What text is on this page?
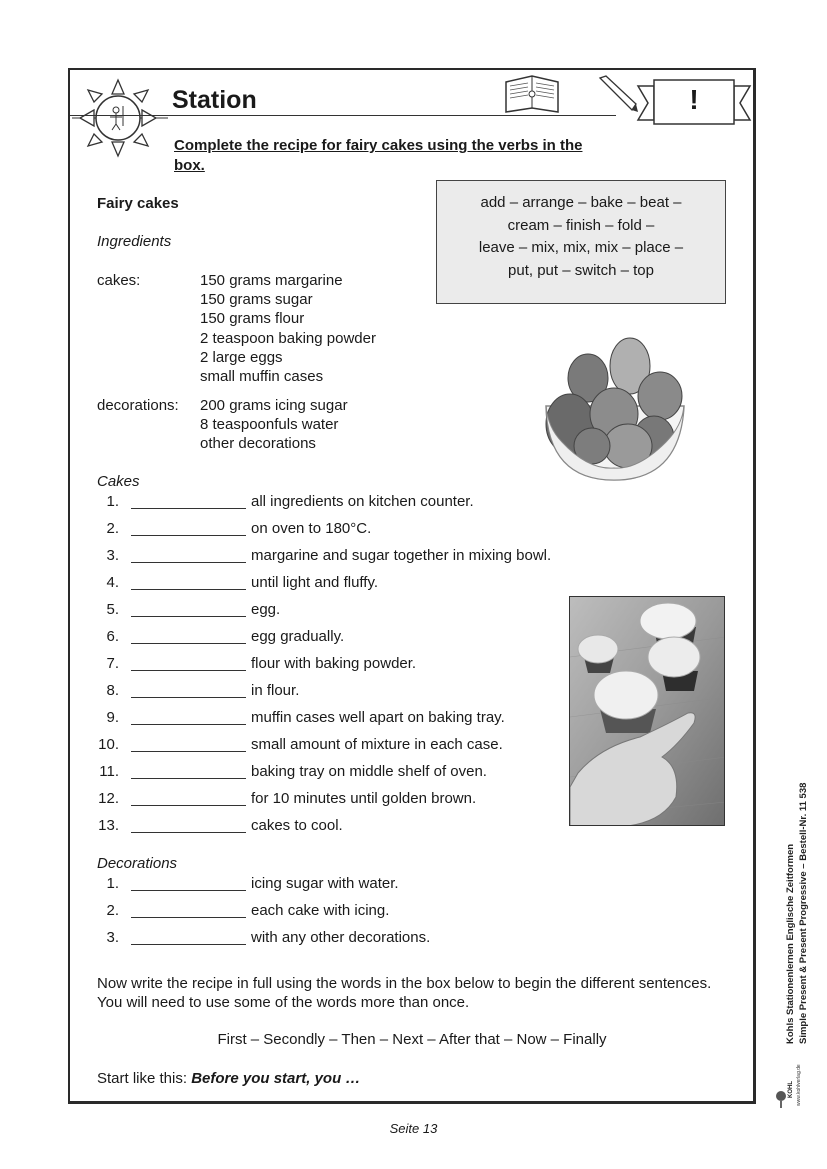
Station	!
Complete the recipe for fairy cakes using the verbs in the box.
add – arrange – bake – beat –
cream – finish – fold –
leave – mix, mix, mix – place –
put, put – switch – top
Fairy cakes
Ingredients
cakes:	150 grams margarine
150 grams sugar
150 grams flour
2 teaspoon baking powder
2 large eggs
small muffin cases
decorations: 200 grams icing sugar
8 teaspoonfuls water
other decorations
Cakes
1.	all ingredients on kitchen counter.
2.	on oven to 180°C.
3.	margarine and sugar together in mixing bowl.
4.	until light and fluffy.
5.	egg.
6.	egg gradually.
7.	flour with baking powder.
8.	in flour.
9.	muffin cases well apart on baking tray.
10.	small amount of mixture in each case.
11.	baking tray on middle shelf of oven.
12.	for 10 minutes until golden brown.
13.	cakes to cool.
Decorations
1.	icing sugar with water.
2.	each cake with icing.
3.	with any other decorations.
Now write the recipe in full using the words in the box below to begin the different sentences. You will need to use some of the words more than once.
First – Secondly – Then – Next – After that – Now – Finally
Start like this: Before you start, you …
Seite 13
Kohls Stationenlernen Englische Zeitformen Simple Present & Present Progressive – Bestell-Nr. 11 538
KOHL www.kohlverlag.de
